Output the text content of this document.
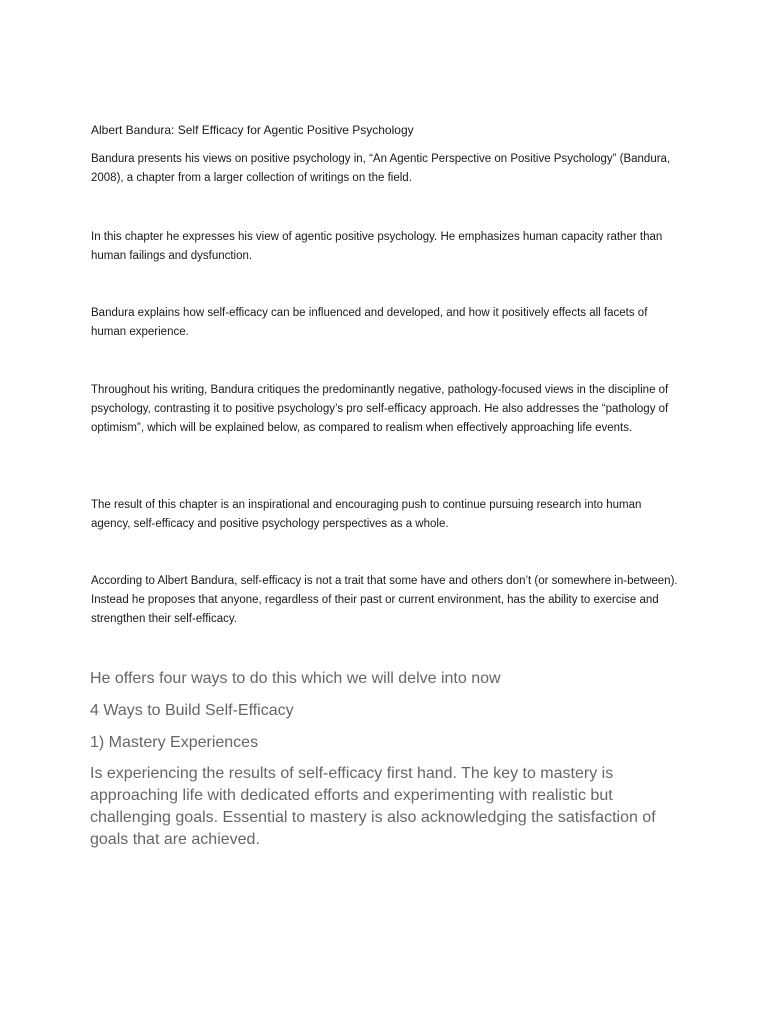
Albert Bandura: Self Efficacy for Agentic Positive Psychology

Bandura presents his views on positive psychology in, “An Agentic Perspective on Positive Psychology” (Bandura, 2008), a chapter from a larger collection of writings on the field.

In this chapter he expresses his view of agentic positive psychology. He emphasizes human capacity rather than human failings and dysfunction.

Bandura explains how self-efficacy can be influenced and developed, and how it positively effects all facets of human experience.

Throughout his writing, Bandura critiques the predominantly negative, pathology-focused views in the discipline of psychology, contrasting it to positive psychology’s pro self-efficacy approach. He also addresses the “pathology of optimism”, which will be explained below, as compared to realism when effectively approaching life events.

The result of this chapter is an inspirational and encouraging push to continue pursuing research into human agency, self-efficacy and positive psychology perspectives as a whole.

According to Albert Bandura, self-efficacy is not a trait that some have and others don’t (or somewhere in-between). Instead he proposes that anyone, regardless of their past or current environment, has the ability to exercise and strengthen their self-efficacy.

He offers four ways to do this which we will delve into now

4 Ways to Build Self-Efficacy

1) Mastery Experiences

Is experiencing the results of self-efficacy first hand. The key to mastery is approaching life with dedicated efforts and experimenting with realistic but challenging goals. Essential to mastery is also acknowledging the satisfaction of goals that are achieved.
